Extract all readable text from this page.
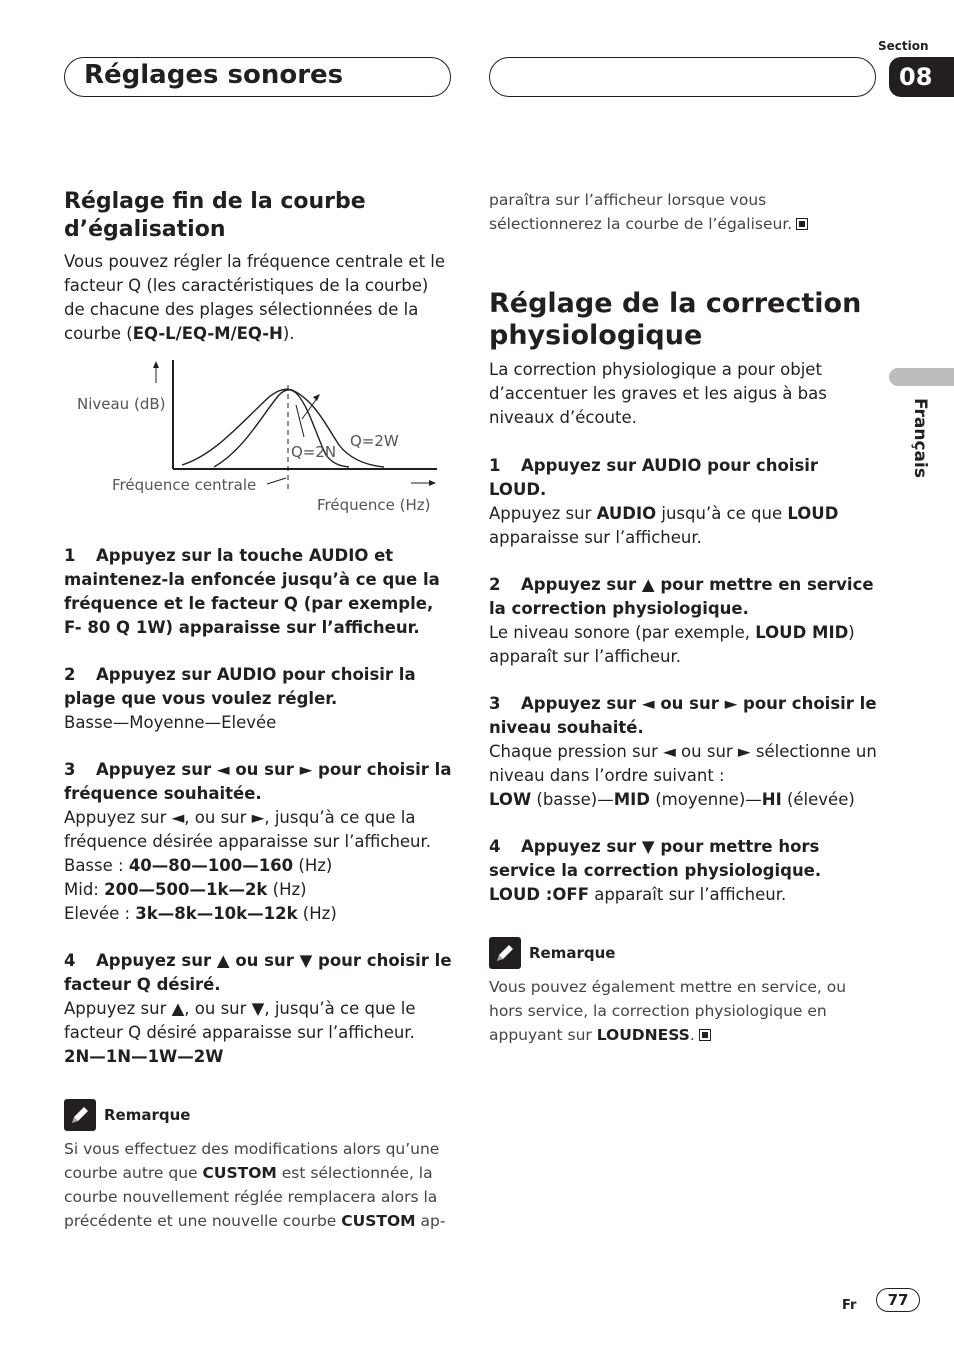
Réglages sonores
Section
08
Français
Réglage fin de la courbe d’égalisation

Vous pouvez régler la fréquence centrale et le facteur Q (les caractéristiques de la courbe) de chacune des plages sélectionnées de la courbe (EQ-L/EQ-M/EQ-H).

Niveau (dB)
Q=2N
Q=2W
Fréquence centrale
Fréquence (Hz)

1 Appuyez sur la touche AUDIO et maintenez-la enfoncée jusqu’à ce que la fréquence et le facteur Q (par exemple, F- 80 Q 1W) apparaisse sur l’afficheur.

2 Appuyez sur AUDIO pour choisir la plage que vous voulez régler.

Basse—Moyenne—Elevée

3 Appuyez sur ◄ ou sur ► pour choisir la fréquence souhaitée.

Appuyez sur ◄, ou sur ►, jusqu’à ce que la fréquence désirée apparaisse sur l’afficheur.

Basse : 40—80—100—160 (Hz)

Mid: 200—500—1k—2k (Hz)

Elevée : 3k—8k—10k—12k (Hz)

4 Appuyez sur ▲ ou sur ▼ pour choisir le facteur Q désiré.

Appuyez sur ▲, ou sur ▼, jusqu’à ce que le facteur Q désiré apparaisse sur l’afficheur.

2N—1N—1W—2W

Remarque

Si vous effectuez des modifications alors qu’une courbe autre que CUSTOM est sélectionnée, la courbe nouvellement réglée remplacera alors la précédente et une nouvelle courbe CUSTOM ap-

paraîtra sur l’afficheur lorsque vous sélectionnerez la courbe de l’égaliseur.

Réglage de la correction physiologique

La correction physiologique a pour objet d’accentuer les graves et les aigus à bas niveaux d’écoute.

1 Appuyez sur AUDIO pour choisir LOUD.

Appuyez sur AUDIO jusqu’à ce que LOUD apparaisse sur l’afficheur.

2 Appuyez sur ▲ pour mettre en service la correction physiologique.

Le niveau sonore (par exemple, LOUD MID) apparaît sur l’afficheur.

3 Appuyez sur ◄ ou sur ► pour choisir le niveau souhaité.

Chaque pression sur ◄ ou sur ► sélectionne un niveau dans l’ordre suivant :

LOW (basse)—MID (moyenne)—HI (élevée)

4 Appuyez sur ▼ pour mettre hors service la correction physiologique.

LOUD :OFF apparaît sur l’afficheur.

Remarque

Vous pouvez également mettre en service, ou hors service, la correction physiologique en appuyant sur LOUDNESS.

Fr	77
